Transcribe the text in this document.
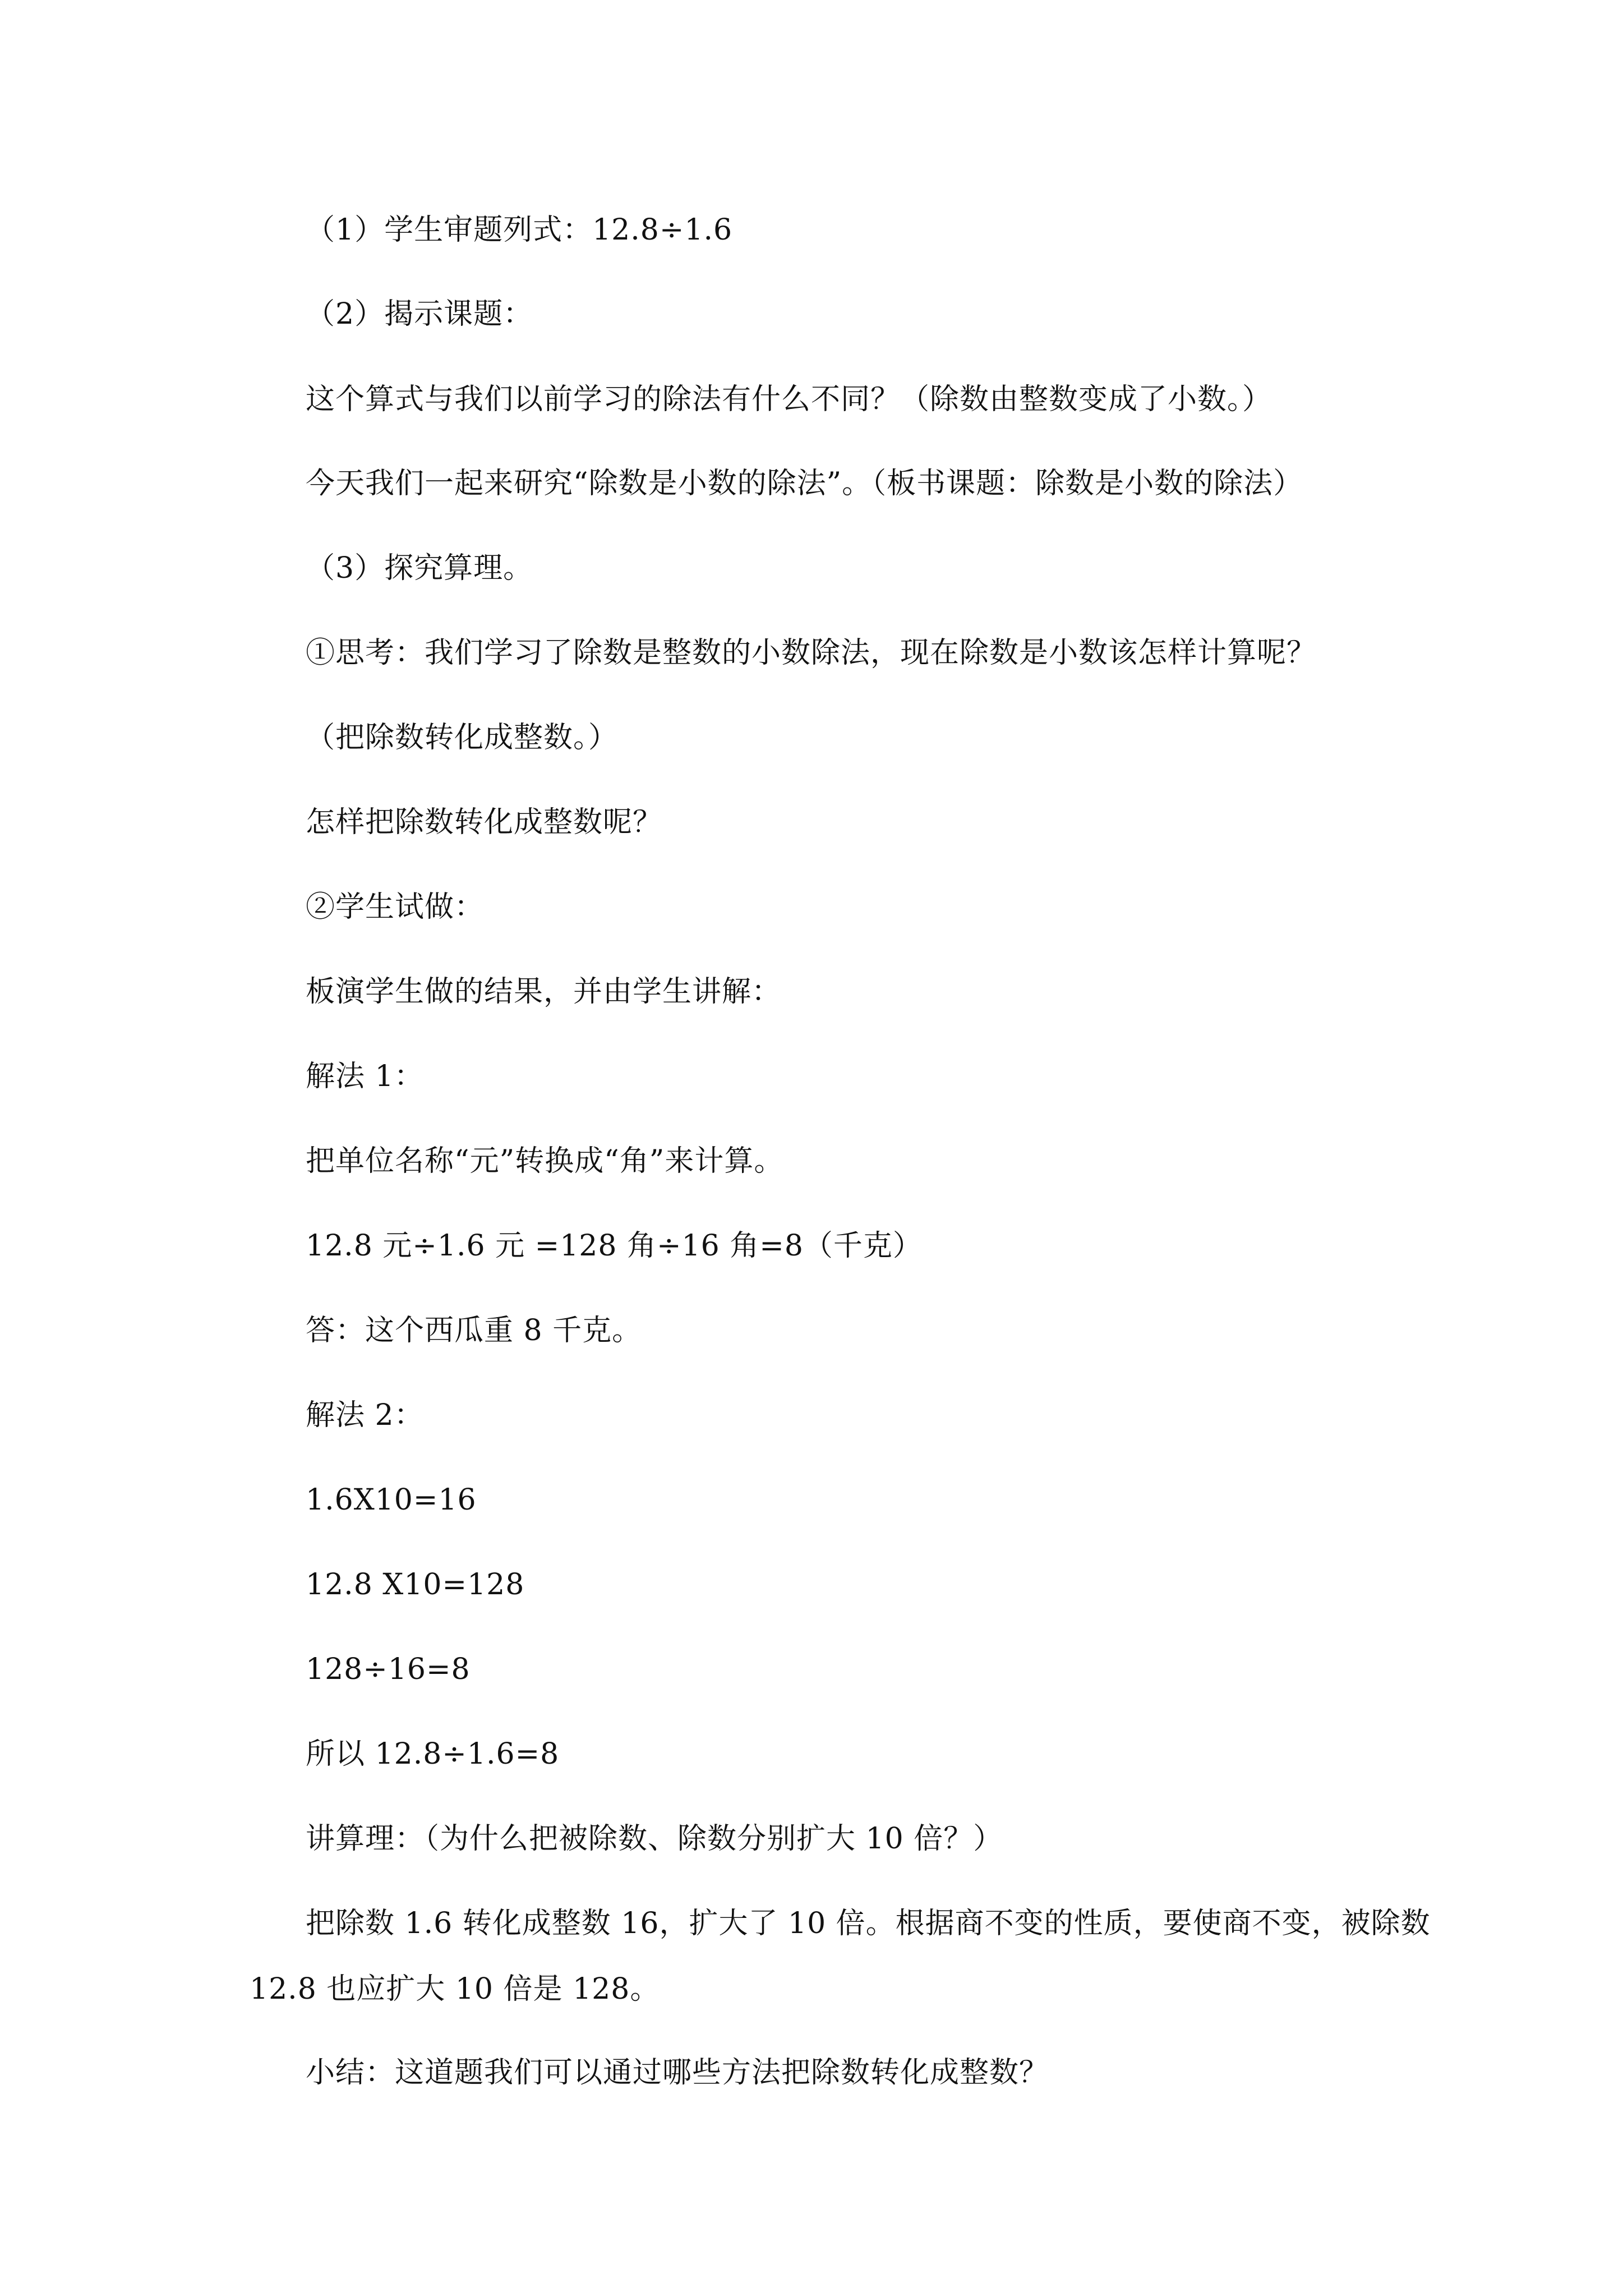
（1）学生审题列式：12.8÷1.6
（2）揭示课题：
这个算式与我们以前学习的除法有什么不同？（除数由整数变成了小数。）
今天我们一起来研究“除数是小数的除法”。（板书课题：除数是小数的除法）
（3）探究算理。
①思考：我们学习了除数是整数的小数除法，现在除数是小数该怎样计算呢？
（把除数转化成整数。）
怎样把除数转化成整数呢？
②学生试做：
板演学生做的结果，并由学生讲解：
解法 1：
把单位名称“元”转换成“角”来计算。
12.8 元÷1.6 元 =128 角÷16 角=8（千克）
答：这个西瓜重 8 千克。
解法 2：
1.6X10=16
12.8 X10=128
128÷16=8
所以 12.8÷1.6=8
讲算理：（为什么把被除数、除数分别扩大 10 倍？）
把除数 1.6 转化成整数 16，扩大了 10 倍。根据商不变的性质，要使商不变，被除数
12.8 也应扩大 10 倍是 128。
小结：这道题我们可以通过哪些方法把除数转化成整数？
